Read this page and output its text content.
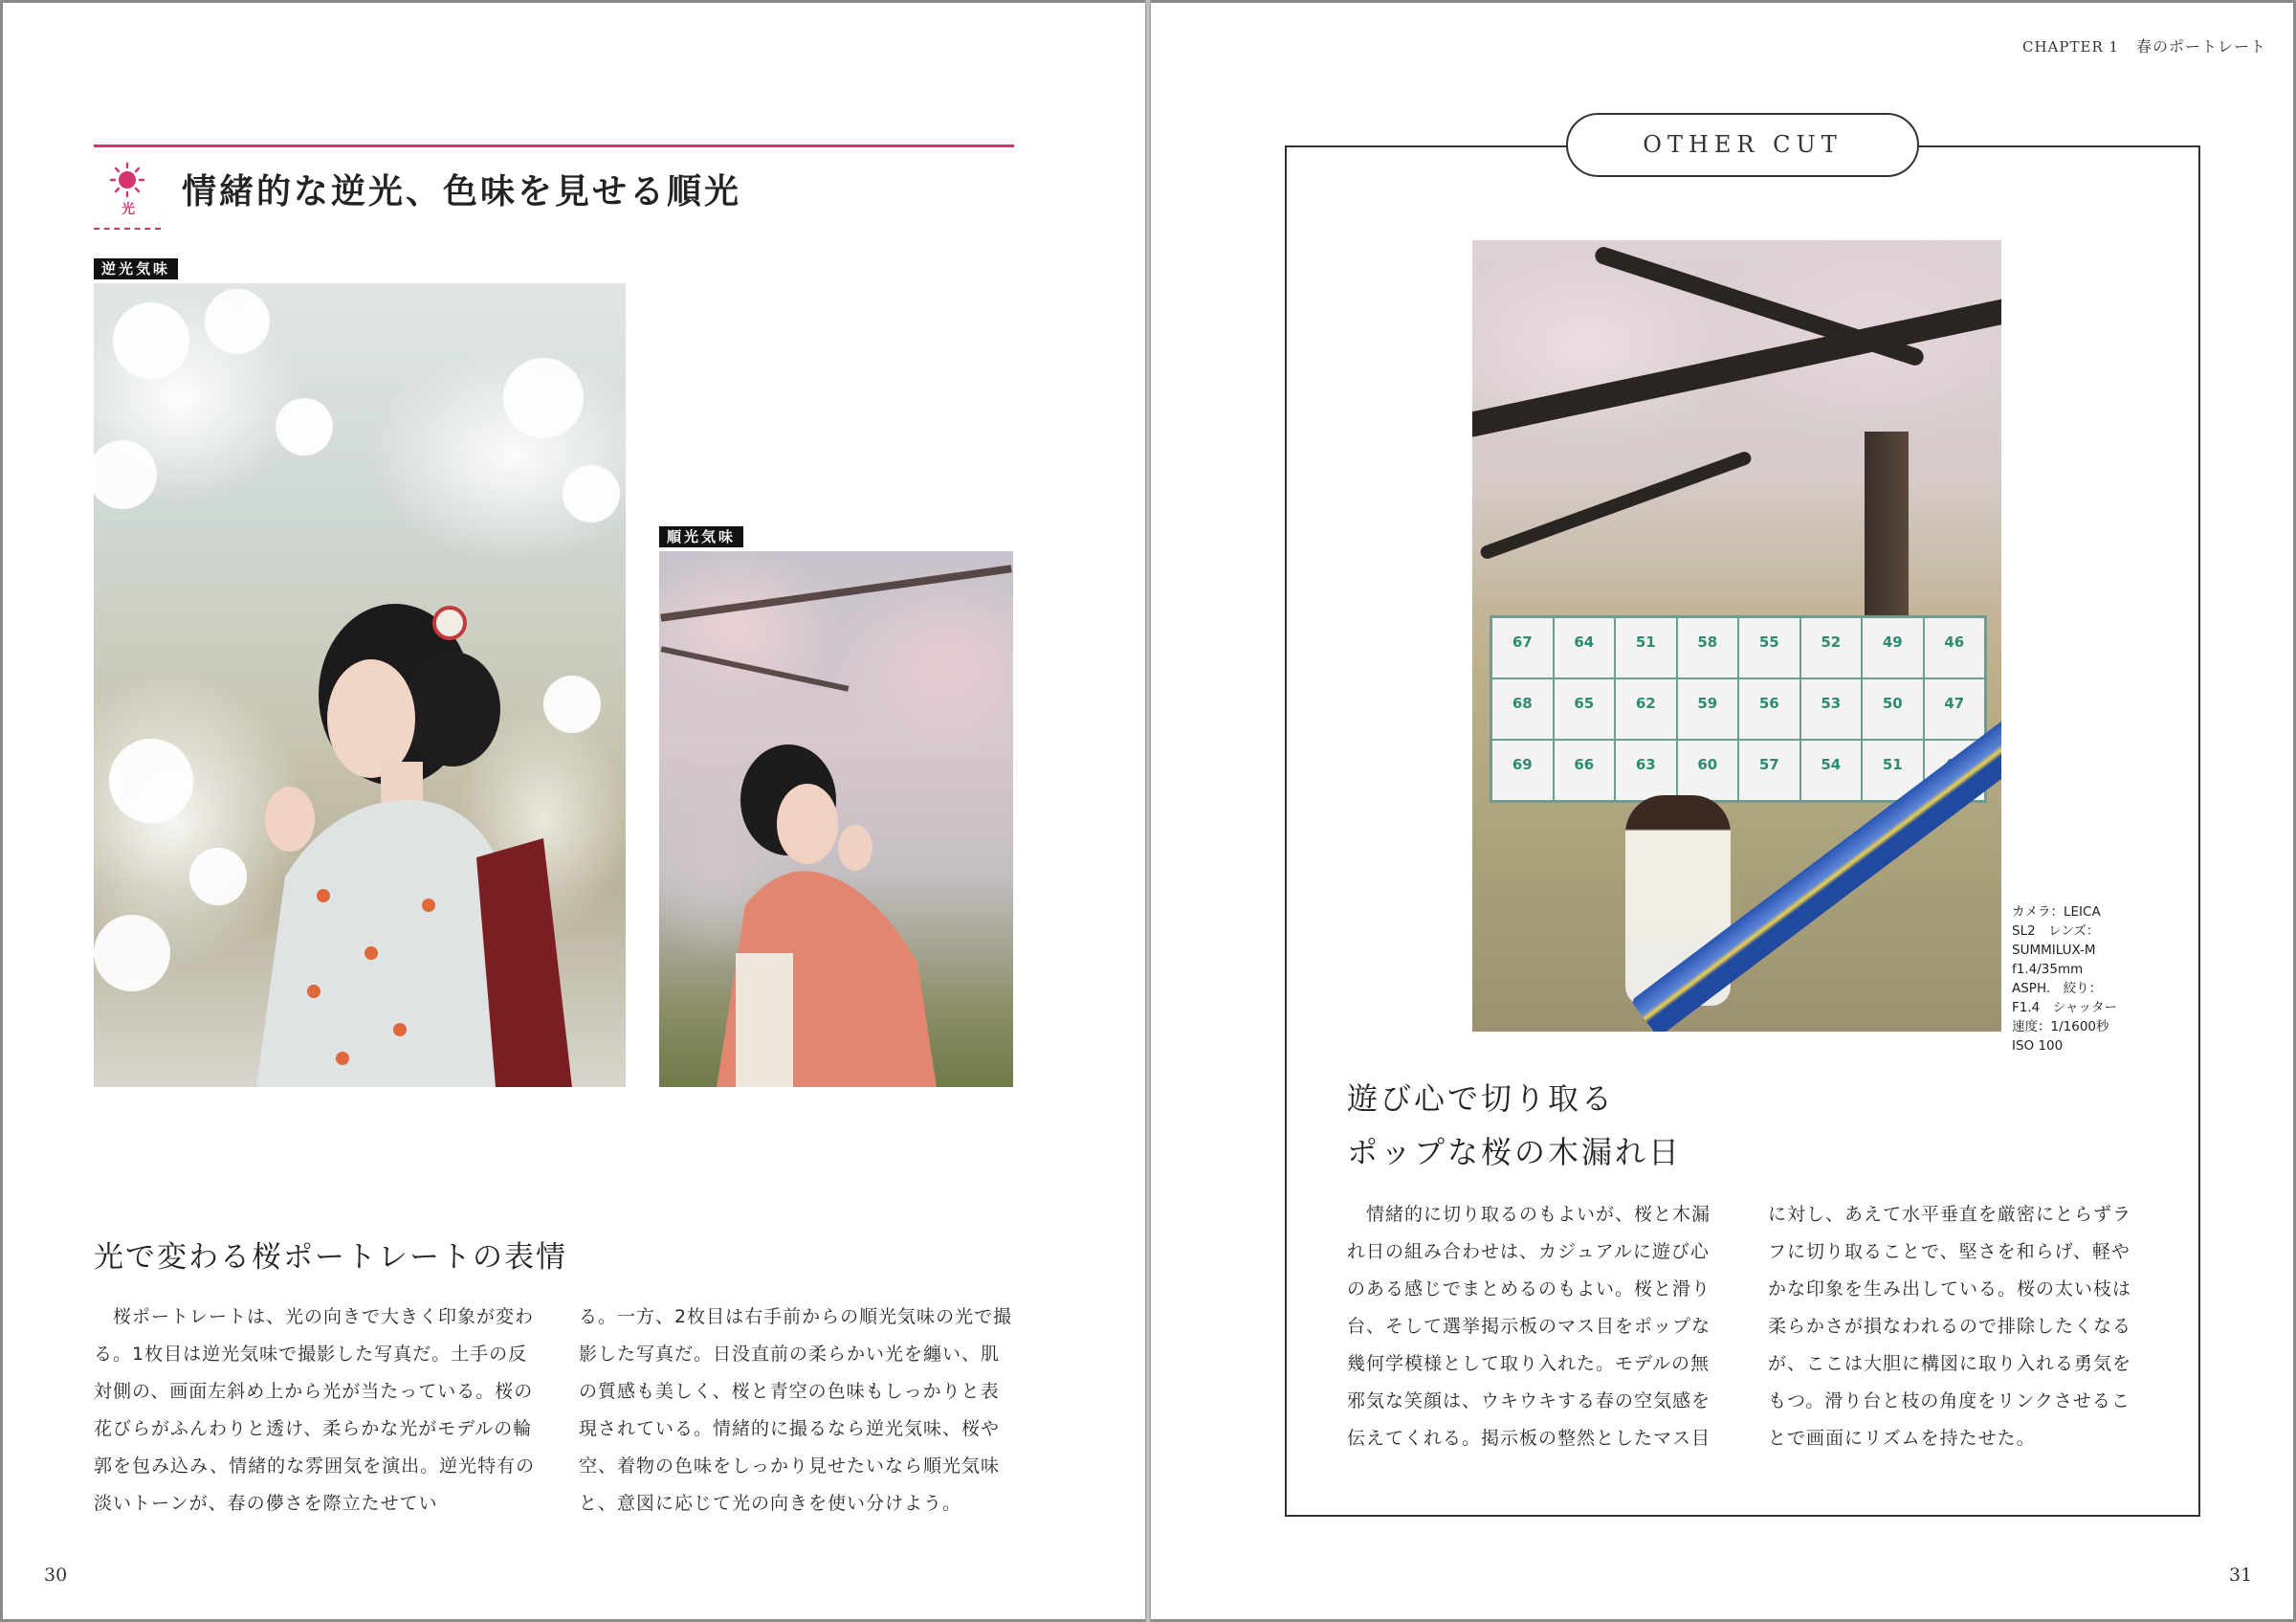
光 情緒的な逆光、色味を見せる順光
逆光気味
順光気味
光で変わる桜ポートレートの表情
　桜ポートレートは、光の向きで大きく印象が変わる。1枚目は逆光気味で撮影した写真だ。土手の反対側の、画面左斜め上から光が当たっている。桜の花びらがふんわりと透け、柔らかな光がモデルの輪郭を包み込み、情緒的な雰囲気を演出。逆光特有の淡いトーンが、春の儚さを際立たせてい
る。一方、2枚目は右手前からの順光気味の光で撮影した写真だ。日没直前の柔らかい光を纏い、肌の質感も美しく、桜と青空の色味もしっかりと表現されている。情緒的に撮るなら逆光気味、桜や空、着物の色味をしっかり見せたいなら順光気味と、意図に応じて光の向きを使い分けよう。
30
CHAPTER 1 春のポートレート
OTHER CUT
67	64	51	58	55	52	49	46
68	65	62	59	56	53	50	47
69	66	63	60	57	54	51
カメラ：LEICA SL2　レンズ：SUMMILUX-M f1.4/35mm ASPH.　絞り：F1.4　シャッター速度：1/1600秒　ISO 100
遊び心で切り取る
ポップな桜の木漏れ日
　情緒的に切り取るのもよいが、桜と木漏れ日の組み合わせは、カジュアルに遊び心のある感じでまとめるのもよい。桜と滑り台、そして選挙掲示板のマス目をポップな幾何学模様として取り入れた。モデルの無邪気な笑顔は、ウキウキする春の空気感を伝えてくれる。掲示板の整然としたマス目
に対し、あえて水平垂直を厳密にとらずラフに切り取ることで、堅さを和らげ、軽やかな印象を生み出している。桜の太い枝は柔らかさが損なわれるので排除したくなるが、ここは大胆に構図に取り入れる勇気をもつ。滑り台と枝の角度をリンクさせることで画面にリズムを持たせた。
31
